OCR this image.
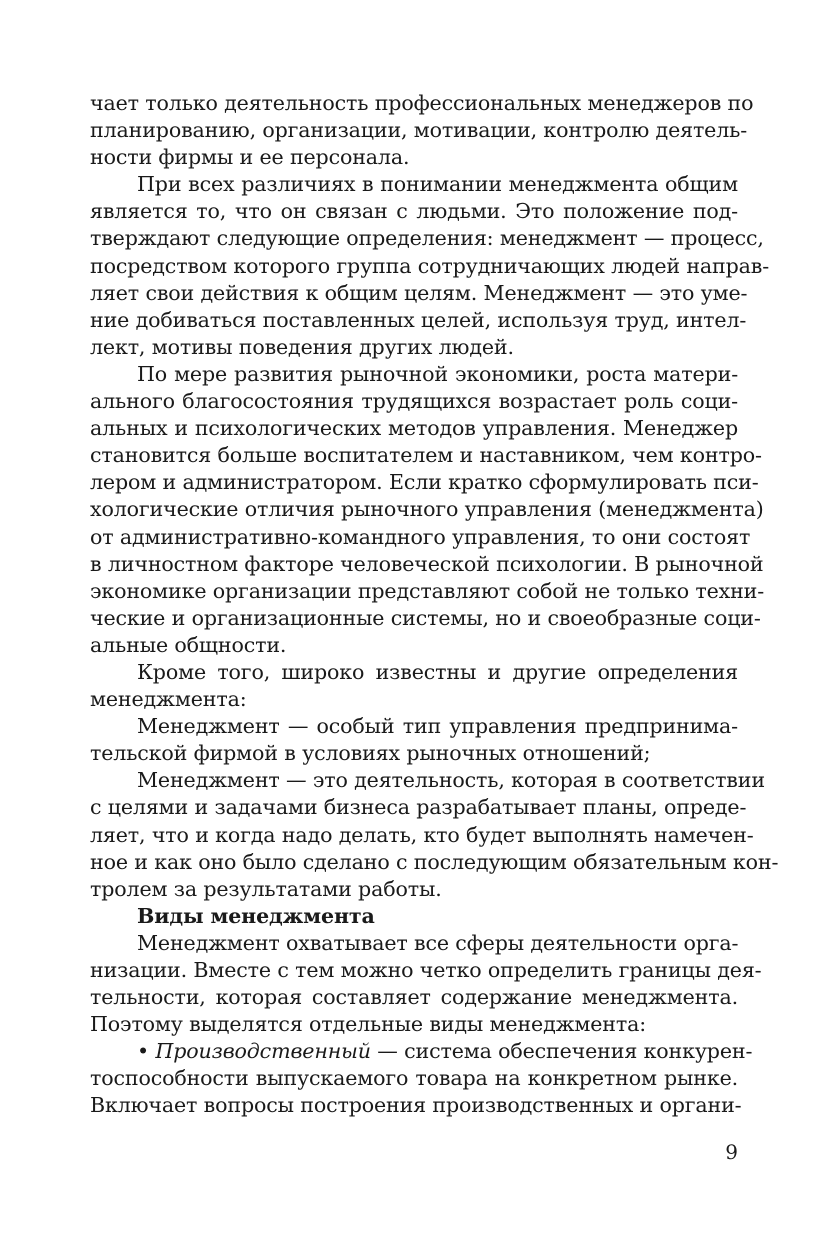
чает только деятельность профессиональных менеджеров по
планированию, организации, мотивации, контролю деятель-
ности фирмы и ее персонала.
При всех различиях в понимании менеджмента общим
является то, что он связан с людьми. Это положение под-
тверждают следующие определения: менеджмент — процесс,
посредством которого группа сотрудничающих людей направ-
ляет свои действия к общим целям. Менеджмент — это уме-
ние добиваться поставленных целей, используя труд, интел-
лект, мотивы поведения других людей.
По мере развития рыночной экономики, роста матери-
ального благосостояния трудящихся возрастает роль соци-
альных и психологических методов управления. Менеджер
становится больше воспитателем и наставником, чем контро-
лером и администратором. Если кратко сформулировать пси-
хологические отличия рыночного управления (менеджмента)
от административно-командного управления, то они состоят
в личностном факторе человеческой психологии. В рыночной
экономике организации представляют собой не только техни-
ческие и организационные системы, но и своеобразные соци-
альные общности.
Кроме того, широко известны и другие определения
менеджмента:
Менеджмент — особый тип управления предпринима-
тельской фирмой в условиях рыночных отношений;
Менеджмент — это деятельность, которая в соответствии
с целями и задачами бизнеса разрабатывает планы, опреде-
ляет, что и когда надо делать, кто будет выполнять намечен-
ное и как оно было сделано с последующим обязательным кон-
тролем за результатами работы.
Виды менеджмента
Менеджмент охватывает все сферы деятельности орга-
низации. Вместе с тем можно четко определить границы дея-
тельности, которая составляет содержание менеджмента.
Поэтому выделятся отдельные виды менеджмента:
• Производственный — система обеспечения конкурен-
тоспособности выпускаемого товара на конкретном рынке.
Включает вопросы построения производственных и органи-
9
